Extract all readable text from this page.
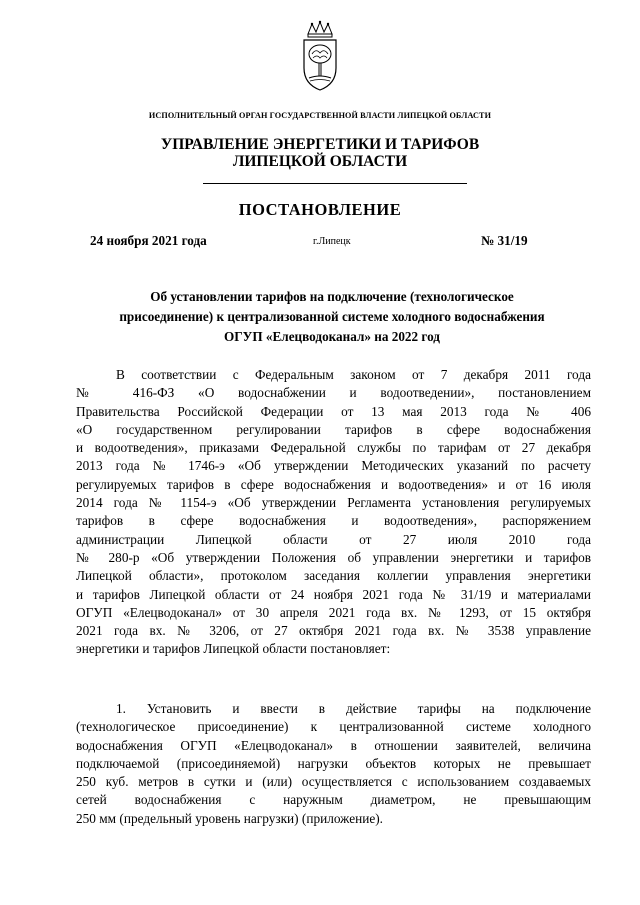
ИСПОЛНИТЕЛЬНЫЙ ОРГАН ГОСУДАРСТВЕННОЙ ВЛАСТИ ЛИПЕЦКОЙ ОБЛАСТИ
УПРАВЛЕНИЕ ЭНЕРГЕТИКИ И ТАРИФОВ
ЛИПЕЦКОЙ ОБЛАСТИ
ПОСТАНОВЛЕНИЕ
24 ноября 2021 года	г.Липецк	№ 31/19
Об установлении тарифов на подключение (технологическое
присоединение) к централизованной системе холодного водоснабжения
ОГУП «Елецводоканал» на 2022 год
В соответствии с Федеральным законом от 7 декабря 2011 года
№ 416-ФЗ «О водоснабжении и водоотведении», постановлением
Правительства Российской Федерации от 13 мая 2013 года № 406
«О государственном регулировании тарифов в сфере водоснабжения
и водоотведения», приказами Федеральной службы по тарифам от 27 декабря
2013 года № 1746-э «Об утверждении Методических указаний по расчету
регулируемых тарифов в сфере водоснабжения и водоотведения» и от 16 июля
2014 года № 1154-э «Об утверждении Регламента установления регулируемых
тарифов в сфере водоснабжения и водоотведения», распоряжением
администрации Липецкой области от 27 июля 2010 года
№ 280-р «Об утверждении Положения об управлении энергетики и тарифов
Липецкой области», протоколом заседания коллегии управления энергетики
и тарифов Липецкой области от 24 ноября 2021 года № 31/19 и материалами
ОГУП «Елецводоканал» от 30 апреля 2021 года вх. № 1293, от 15 октября
2021 года вх. № 3206, от 27 октября 2021 года вх. № 3538 управление
энергетики и тарифов Липецкой области постановляет:
1. Установить и ввести в действие тарифы на подключение
(технологическое присоединение) к централизованной системе холодного
водоснабжения ОГУП «Елецводоканал» в отношении заявителей, величина
подключаемой (присоединяемой) нагрузки объектов которых не превышает
250 куб. метров в сутки и (или) осуществляется с использованием создаваемых
сетей водоснабжения с наружным диаметром, не превышающим
250 мм (предельный уровень нагрузки) (приложение).
